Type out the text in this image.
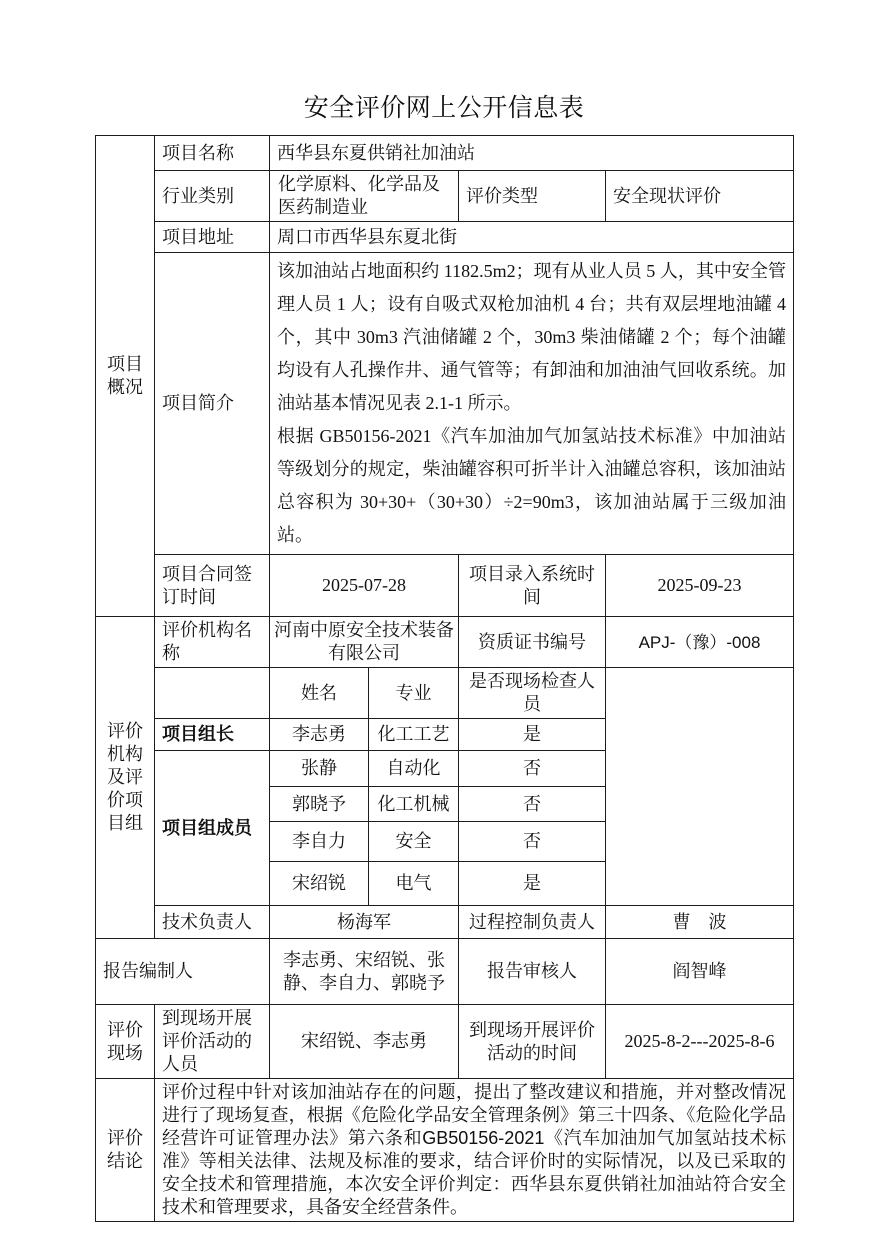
安全评价网上公开信息表
项目概况	项目名称	西华县东夏供销社加油站			
	行业类别	化学原料、化学品及医药制造业		评价类型	安全现状评价
	项目地址	周口市西华县东夏北街			
	项目简介	该加油站占地面积约 1182.5m2；现有从业人员 5 人，其中安全管理人员 1 人；设有自吸式双枪加油机 4 台；共有双层埋地油罐 4 个，其中 30m3 汽油储罐 2 个，30m3 柴油储罐 2 个；每个油罐均设有人孔操作井、通气管等；有卸油和加油油气回收系统。加油站基本情况见表 2.1-1 所示。

根据 GB50156-2021《汽车加油加气加氢站技术标准》中加油站等级划分的规定，柴油罐容积可折半计入油罐总容积，该加油站总容积为 30+30+（30+30）÷2=90m3，该加油站属于三级加油站。			

	项目合同签订时间	2025-07-28		项目录入系统时间	2025-09-23
评价机构及评价项目组	评价机构名称	河南中原安全技术装备有限公司		资质证书编号	APJ-（豫）-008
		姓名	专业	是否现场检查人员	
	项目组长	李志勇	化工工艺	是	
	项目组成员	张静	自动化	否	
		郭晓予	化工机械	否	
		李自力	安全	否	
		宋绍锐	电气	是	
	技术负责人	杨海军		过程控制负责人	曹　波
报告编制人		李志勇、宋绍锐、张静、李自力、郭晓予		报告审核人	阎智峰
评价现场	到现场开展评价活动的人员	宋绍锐、李志勇		到现场开展评价活动的时间	2025-8-2---2025-8-6
评价结论	评价过程中针对该加油站存在的问题，提出了整改建议和措施，并对整改情况进行了现场复查，根据《危险化学品安全管理条例》第三十四条、《危险化学品经营许可证管理办法》第六条和GB50156-2021《汽车加油加气加氢站技术标准》等相关法律、法规及标准的要求，结合评价时的实际情况，以及已采取的安全技术和管理措施，本次安全评价判定：西华县东夏供销社加油站符合安全技术和管理要求，具备安全经营条件。				
